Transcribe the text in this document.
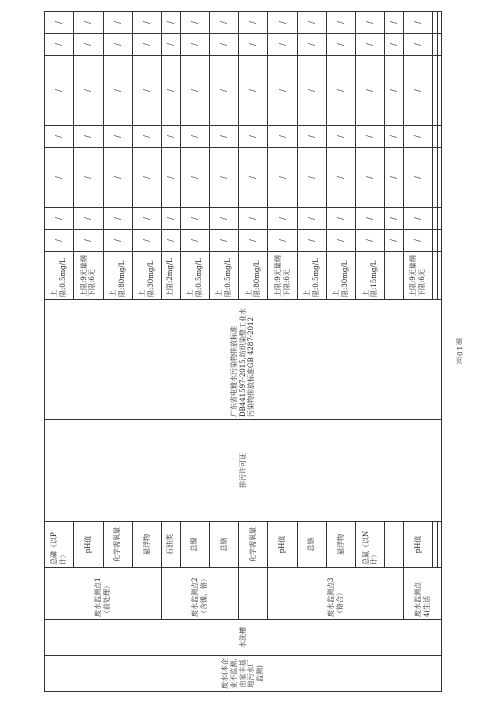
废水(本企业不监测,由家丰基地污水厂监测)	水洗槽	废水监测点1（前处理）	总磷（以P计）	排污许可证	广东省电镀水污染物排放标准DB441597-2015,纺织染整工业水污染物排放标准GB 4287-2012	上限:0.5mg/L	/	/	/	/	/	/	/
			pH值			上限:9无量纲 下限:6无	/	/	/	/	/	/	/
			化学需氧量			上限:80mg/L	/	/	/	/	/	/	/
			悬浮物			上限:30mg/L	/	/	/	/	/	/	/
		废水监测点2（含镍、铬）	石油类			上限:2mg/L	/	/	/	/	/	/	/
			总镍			上限:0.5mg/L	/	/	/	/	/	/	/
			总铬			上限:0.5mg/L	/	/	/	/	/	/	/
			化学需氧量			上限:80mg/L	/	/	/	/	/	/	/
		废水监测点3（铬合）	pH值			上限:9无量纲 下限:6无	/	/	/	/	/	/	/
			总铬			上限:0.5mg/L	/	/	/	/	/	/	/
			悬浮物			上限:30mg/L	/	/	/	/	/	/	/
			总氮（以N计）			上限:15mg/L	/	/	/	/	/	/	/
							/	/	/	/	/	/	/
		废水监测点4(生活	pH值			上限:9无量纲 下限:6无	/	/	/	/	/	/	/

第10页
